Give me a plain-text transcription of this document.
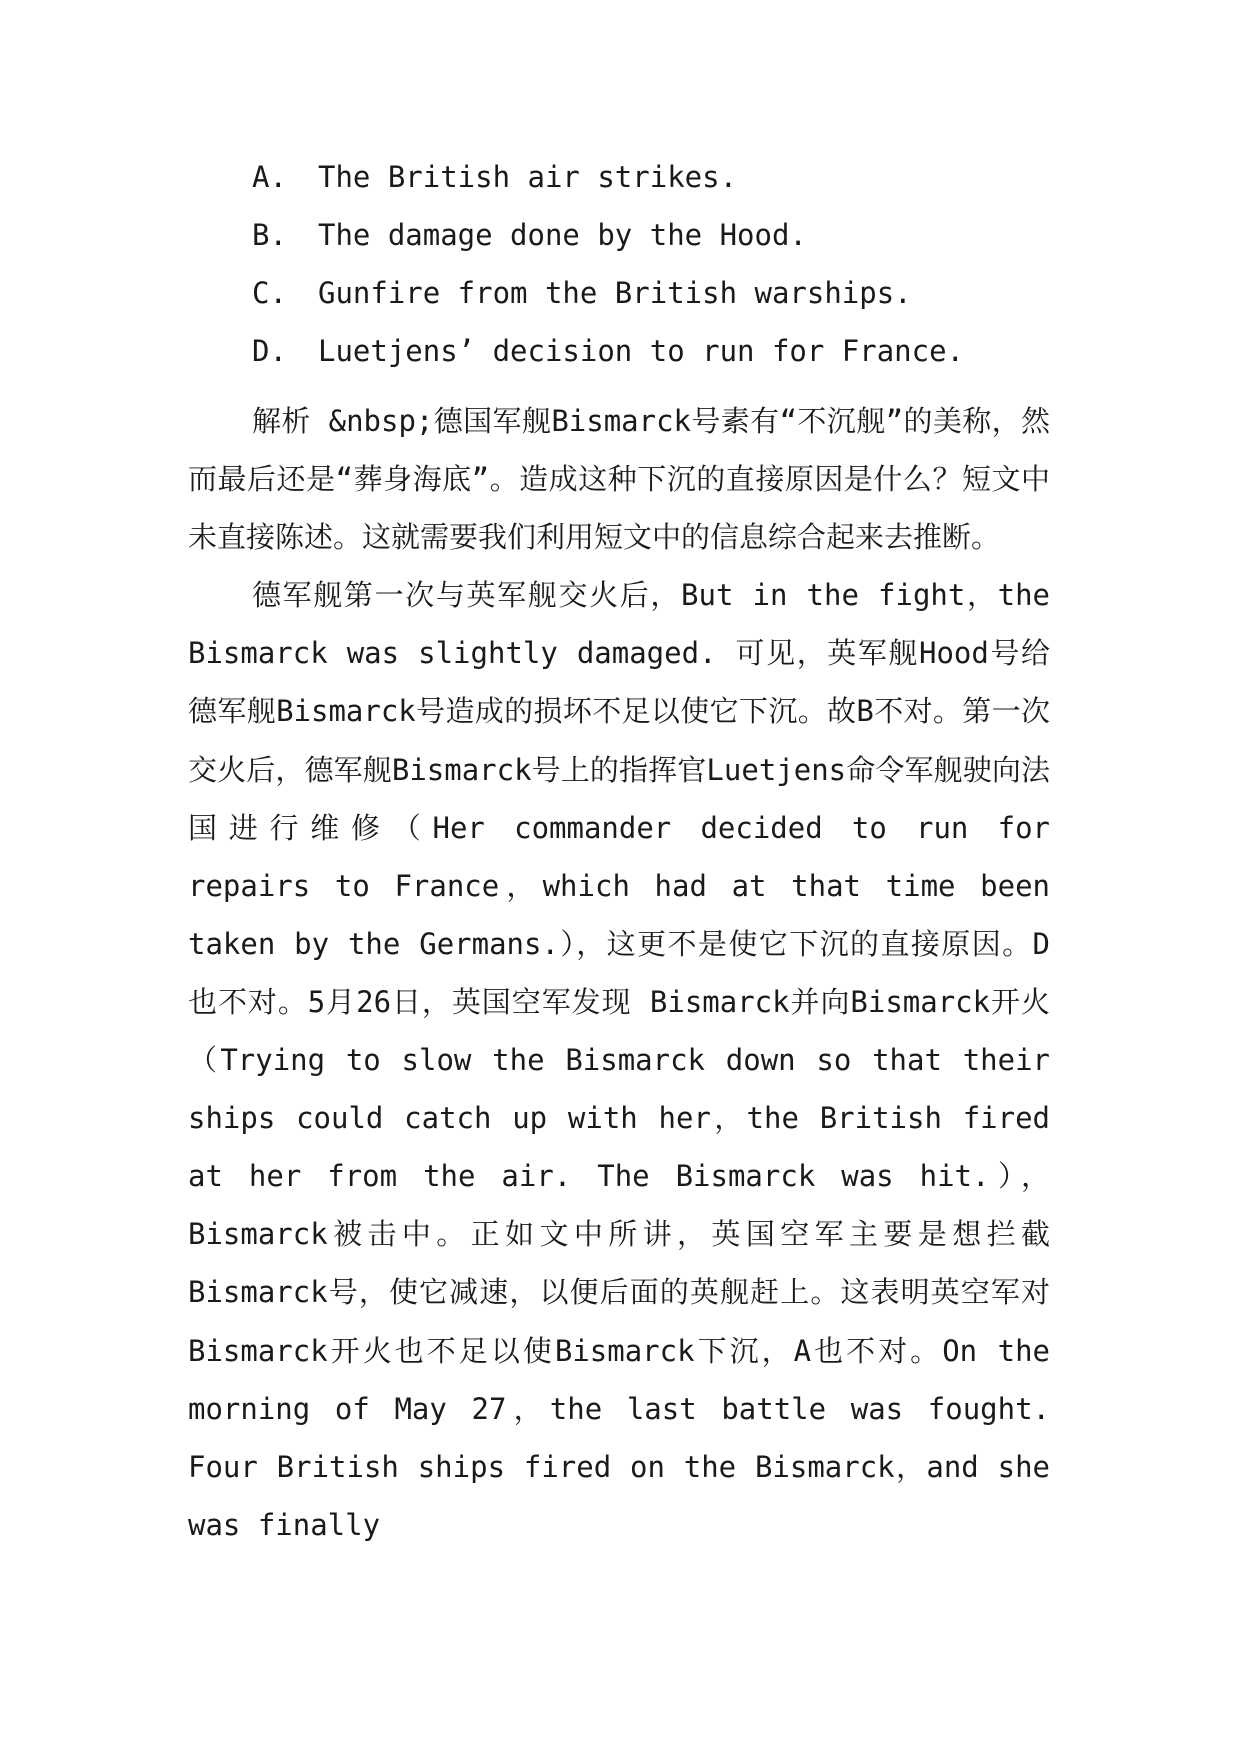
A.	The British air strikes.
B.	The damage done by the Hood.
C.	Gunfire from the British warships.
D.	Luetjens’ decision to run for France.

解析 &nbsp;德国军舰Bismarck号素有“不沉舰”的美称，然而最后还是“葬身海底”。造成这种下沉的直接原因是什么？短文中未直接陈述。这就需要我们利用短文中的信息综合起来去推断。

德军舰第一次与英军舰交火后，But in the fight，the Bismarck was slightly damaged. 可见，英军舰Hood号给德军舰Bismarck号造成的损坏不足以使它下沉。故B不对。第一次交火后，德军舰Bismarck号上的指挥官Luetjens命令军舰驶向法国进行维修（Her commander decided to run for repairs to France，which had at that time been taken by the Germans.），这更不是使它下沉的直接原因。D也不对。5月26日，英国空军发现 Bismarck并向Bismarck开火（Trying to slow the Bismarck down so that their ships could catch up with her，the British fired at her from the air. The Bismarck was hit.），Bismarck被击中。正如文中所讲，英国空军主要是想拦截Bismarck号，使它减速，以便后面的英舰赶上。这表明英空军对 Bismarck开火也不足以使Bismarck下沉，A也不对。On the morning of May 27，the last battle was fought. Four British ships fired on the Bismarck，and she was finally
